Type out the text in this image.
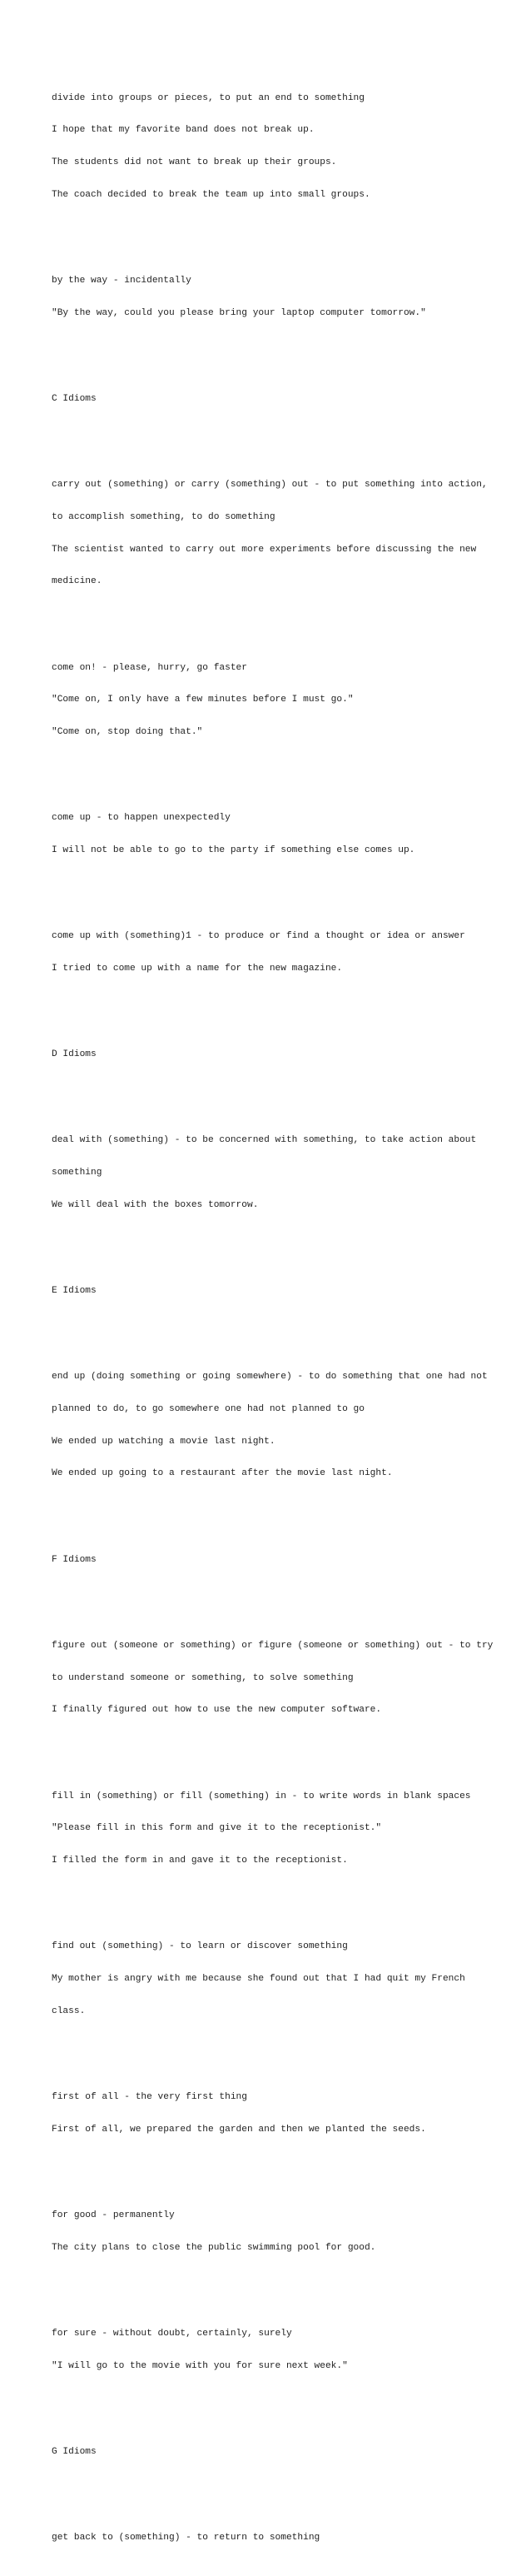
divide into groups or pieces, to put an end to something

I hope that my favorite band does not break up.

The students did not want to break up their groups.

The coach decided to break the team up into small groups.

by the way - incidentally

"By the way, could you please bring your laptop computer tomorrow."

C Idioms

carry out (something) or carry (something) out - to put something into action,

to accomplish something, to do something

The scientist wanted to carry out more experiments before discussing the new

medicine.

come on! - please, hurry, go faster

"Come on, I only have a few minutes before I must go."

"Come on, stop doing that."

come up - to happen unexpectedly

I will not be able to go to the party if something else comes up.

come up with (something)1 - to produce or find a thought or idea or answer

I tried to come up with a name for the new magazine.

D Idioms

deal with (something) - to be concerned with something, to take action about

something

We will deal with the boxes tomorrow.

E Idioms

end up (doing something or going somewhere) - to do something that one had not

planned to do, to go somewhere one had not planned to go

We ended up watching a movie last night.

We ended up going to a restaurant after the movie last night.

F Idioms

figure out (someone or something) or figure (someone or something) out - to try

to understand someone or something, to solve something

I finally figured out how to use the new computer software.

fill in (something) or fill (something) in - to write words in blank spaces

"Please fill in this form and give it to the receptionist."

I filled the form in and gave it to the receptionist.

find out (something) - to learn or discover something

My mother is angry with me because she found out that I had quit my French

class.

first of all - the very first thing

First of all, we prepared the garden and then we planted the seeds.

for good - permanently

The city plans to close the public swimming pool for good.

for sure - without doubt, certainly, surely

"I will go to the movie with you for sure next week."

G Idioms

get back to (something) - to return to something
